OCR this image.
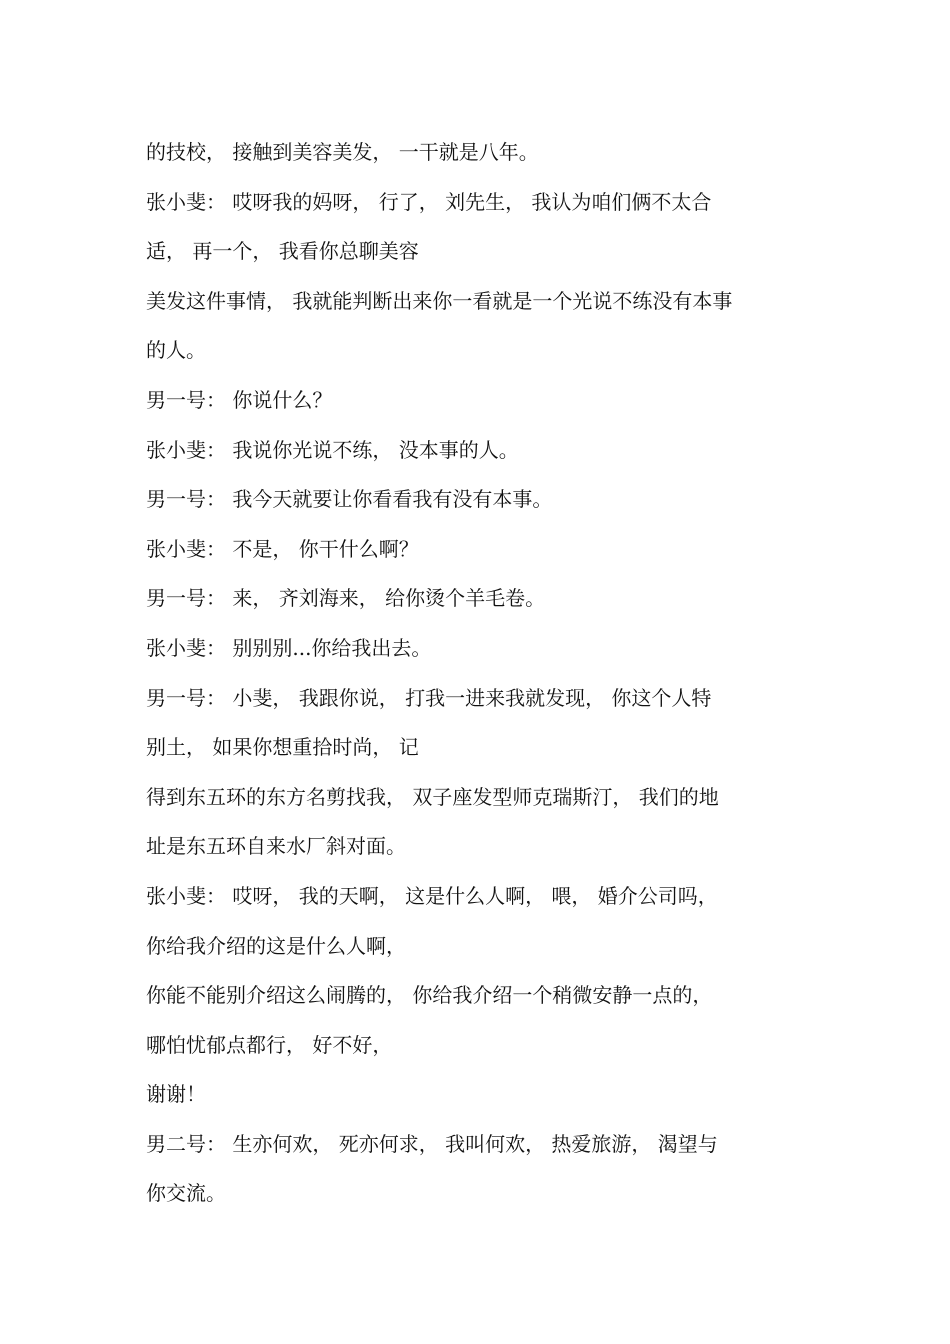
的技校， 接触到美容美发， 一干就是八年。
张小斐： 哎呀我的妈呀， 行了， 刘先生， 我认为咱们俩不太合
适， 再一个， 我看你总聊美容
美发这件事情， 我就能判断出来你一看就是一个光说不练没有本事
的人。
男一号： 你说什么？
张小斐： 我说你光说不练， 没本事的人。
男一号： 我今天就要让你看看我有没有本事。
张小斐： 不是， 你干什么啊？
男一号： 来， 齐刘海来， 给你烫个羊毛卷。
张小斐： 别别别...你给我出去。
男一号： 小斐， 我跟你说， 打我一进来我就发现， 你这个人特
别土， 如果你想重拾时尚， 记
得到东五环的东方名剪找我， 双子座发型师克瑞斯汀， 我们的地
址是东五环自来水厂斜对面。
张小斐： 哎呀， 我的天啊， 这是什么人啊， 喂， 婚介公司吗，
你给我介绍的这是什么人啊，
你能不能别介绍这么闹腾的， 你给我介绍一个稍微安静一点的，
哪怕忧郁点都行， 好不好，
谢谢！
男二号： 生亦何欢， 死亦何求， 我叫何欢， 热爱旅游， 渴望与
你交流。
